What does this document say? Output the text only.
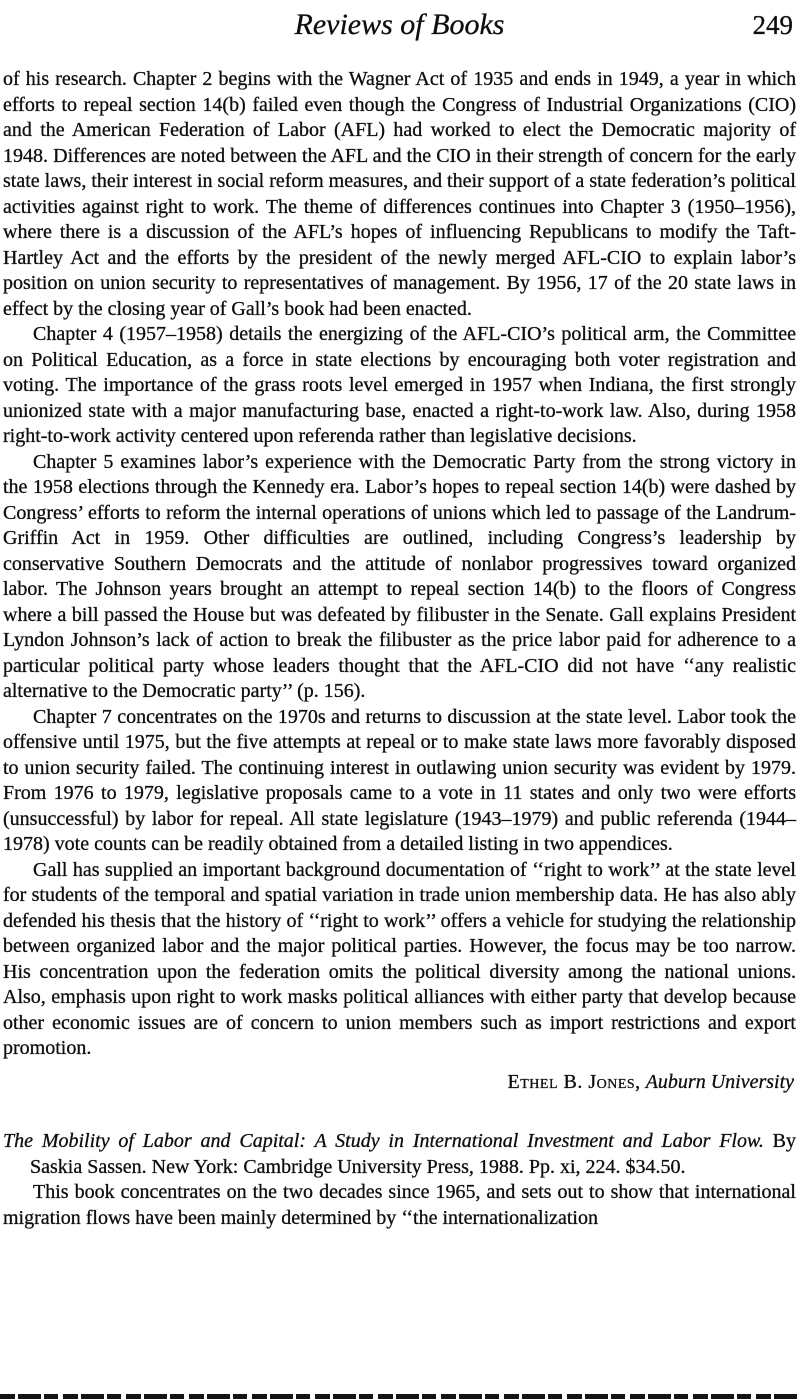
Reviews of Books	249

of his research. Chapter 2 begins with the Wagner Act of 1935 and ends in 1949, a year in which efforts to repeal section 14(b) failed even though the Congress of Industrial Organizations (CIO) and the American Federation of Labor (AFL) had worked to elect the Democratic majority of 1948. Differences are noted between the AFL and the CIO in their strength of concern for the early state laws, their interest in social reform measures, and their support of a state federation’s political activities against right to work. The theme of differences continues into Chapter 3 (1950–1956), where there is a discussion of the AFL’s hopes of influencing Republicans to modify the Taft-Hartley Act and the efforts by the president of the newly merged AFL-CIO to explain labor’s position on union security to representatives of management. By 1956, 17 of the 20 state laws in effect by the closing year of Gall’s book had been enacted.

Chapter 4 (1957–1958) details the energizing of the AFL-CIO’s political arm, the Committee on Political Education, as a force in state elections by encouraging both voter registration and voting. The importance of the grass roots level emerged in 1957 when Indiana, the first strongly unionized state with a major manufacturing base, enacted a right-to-work law. Also, during 1958 right-to-work activity centered upon referenda rather than legislative decisions.

Chapter 5 examines labor’s experience with the Democratic Party from the strong victory in the 1958 elections through the Kennedy era. Labor’s hopes to repeal section 14(b) were dashed by Congress’ efforts to reform the internal operations of unions which led to passage of the Landrum-Griffin Act in 1959. Other difficulties are outlined, including Congress’s leadership by conservative Southern Democrats and the attitude of nonlabor progressives toward organized labor. The Johnson years brought an attempt to repeal section 14(b) to the floors of Congress where a bill passed the House but was defeated by filibuster in the Senate. Gall explains President Lyndon Johnson’s lack of action to break the filibuster as the price labor paid for adherence to a particular political party whose leaders thought that the AFL-CIO did not have ‘‘any realistic alternative to the Democratic party’’ (p. 156).

Chapter 7 concentrates on the 1970s and returns to discussion at the state level. Labor took the offensive until 1975, but the five attempts at repeal or to make state laws more favorably disposed to union security failed. The continuing interest in outlawing union security was evident by 1979. From 1976 to 1979, legislative proposals came to a vote in 11 states and only two were efforts (unsuccessful) by labor for repeal. All state legislature (1943–1979) and public referenda (1944–1978) vote counts can be readily obtained from a detailed listing in two appendices.

Gall has supplied an important background documentation of ‘‘right to work’’ at the state level for students of the temporal and spatial variation in trade union membership data. He has also ably defended his thesis that the history of ‘‘right to work’’ offers a vehicle for studying the relationship between organized labor and the major political parties. However, the focus may be too narrow. His concentration upon the federation omits the political diversity among the national unions. Also, emphasis upon right to work masks political alliances with either party that develop because other economic issues are of concern to union members such as import restrictions and export promotion.

Ethel B. Jones, Auburn University
The Mobility of Labor and Capital: A Study in International Investment and Labor Flow. By Saskia Sassen. New York: Cambridge University Press, 1988. Pp. xi, 224. $34.50.

This book concentrates on the two decades since 1965, and sets out to show that international migration flows have been mainly determined by ‘‘the internationalization
